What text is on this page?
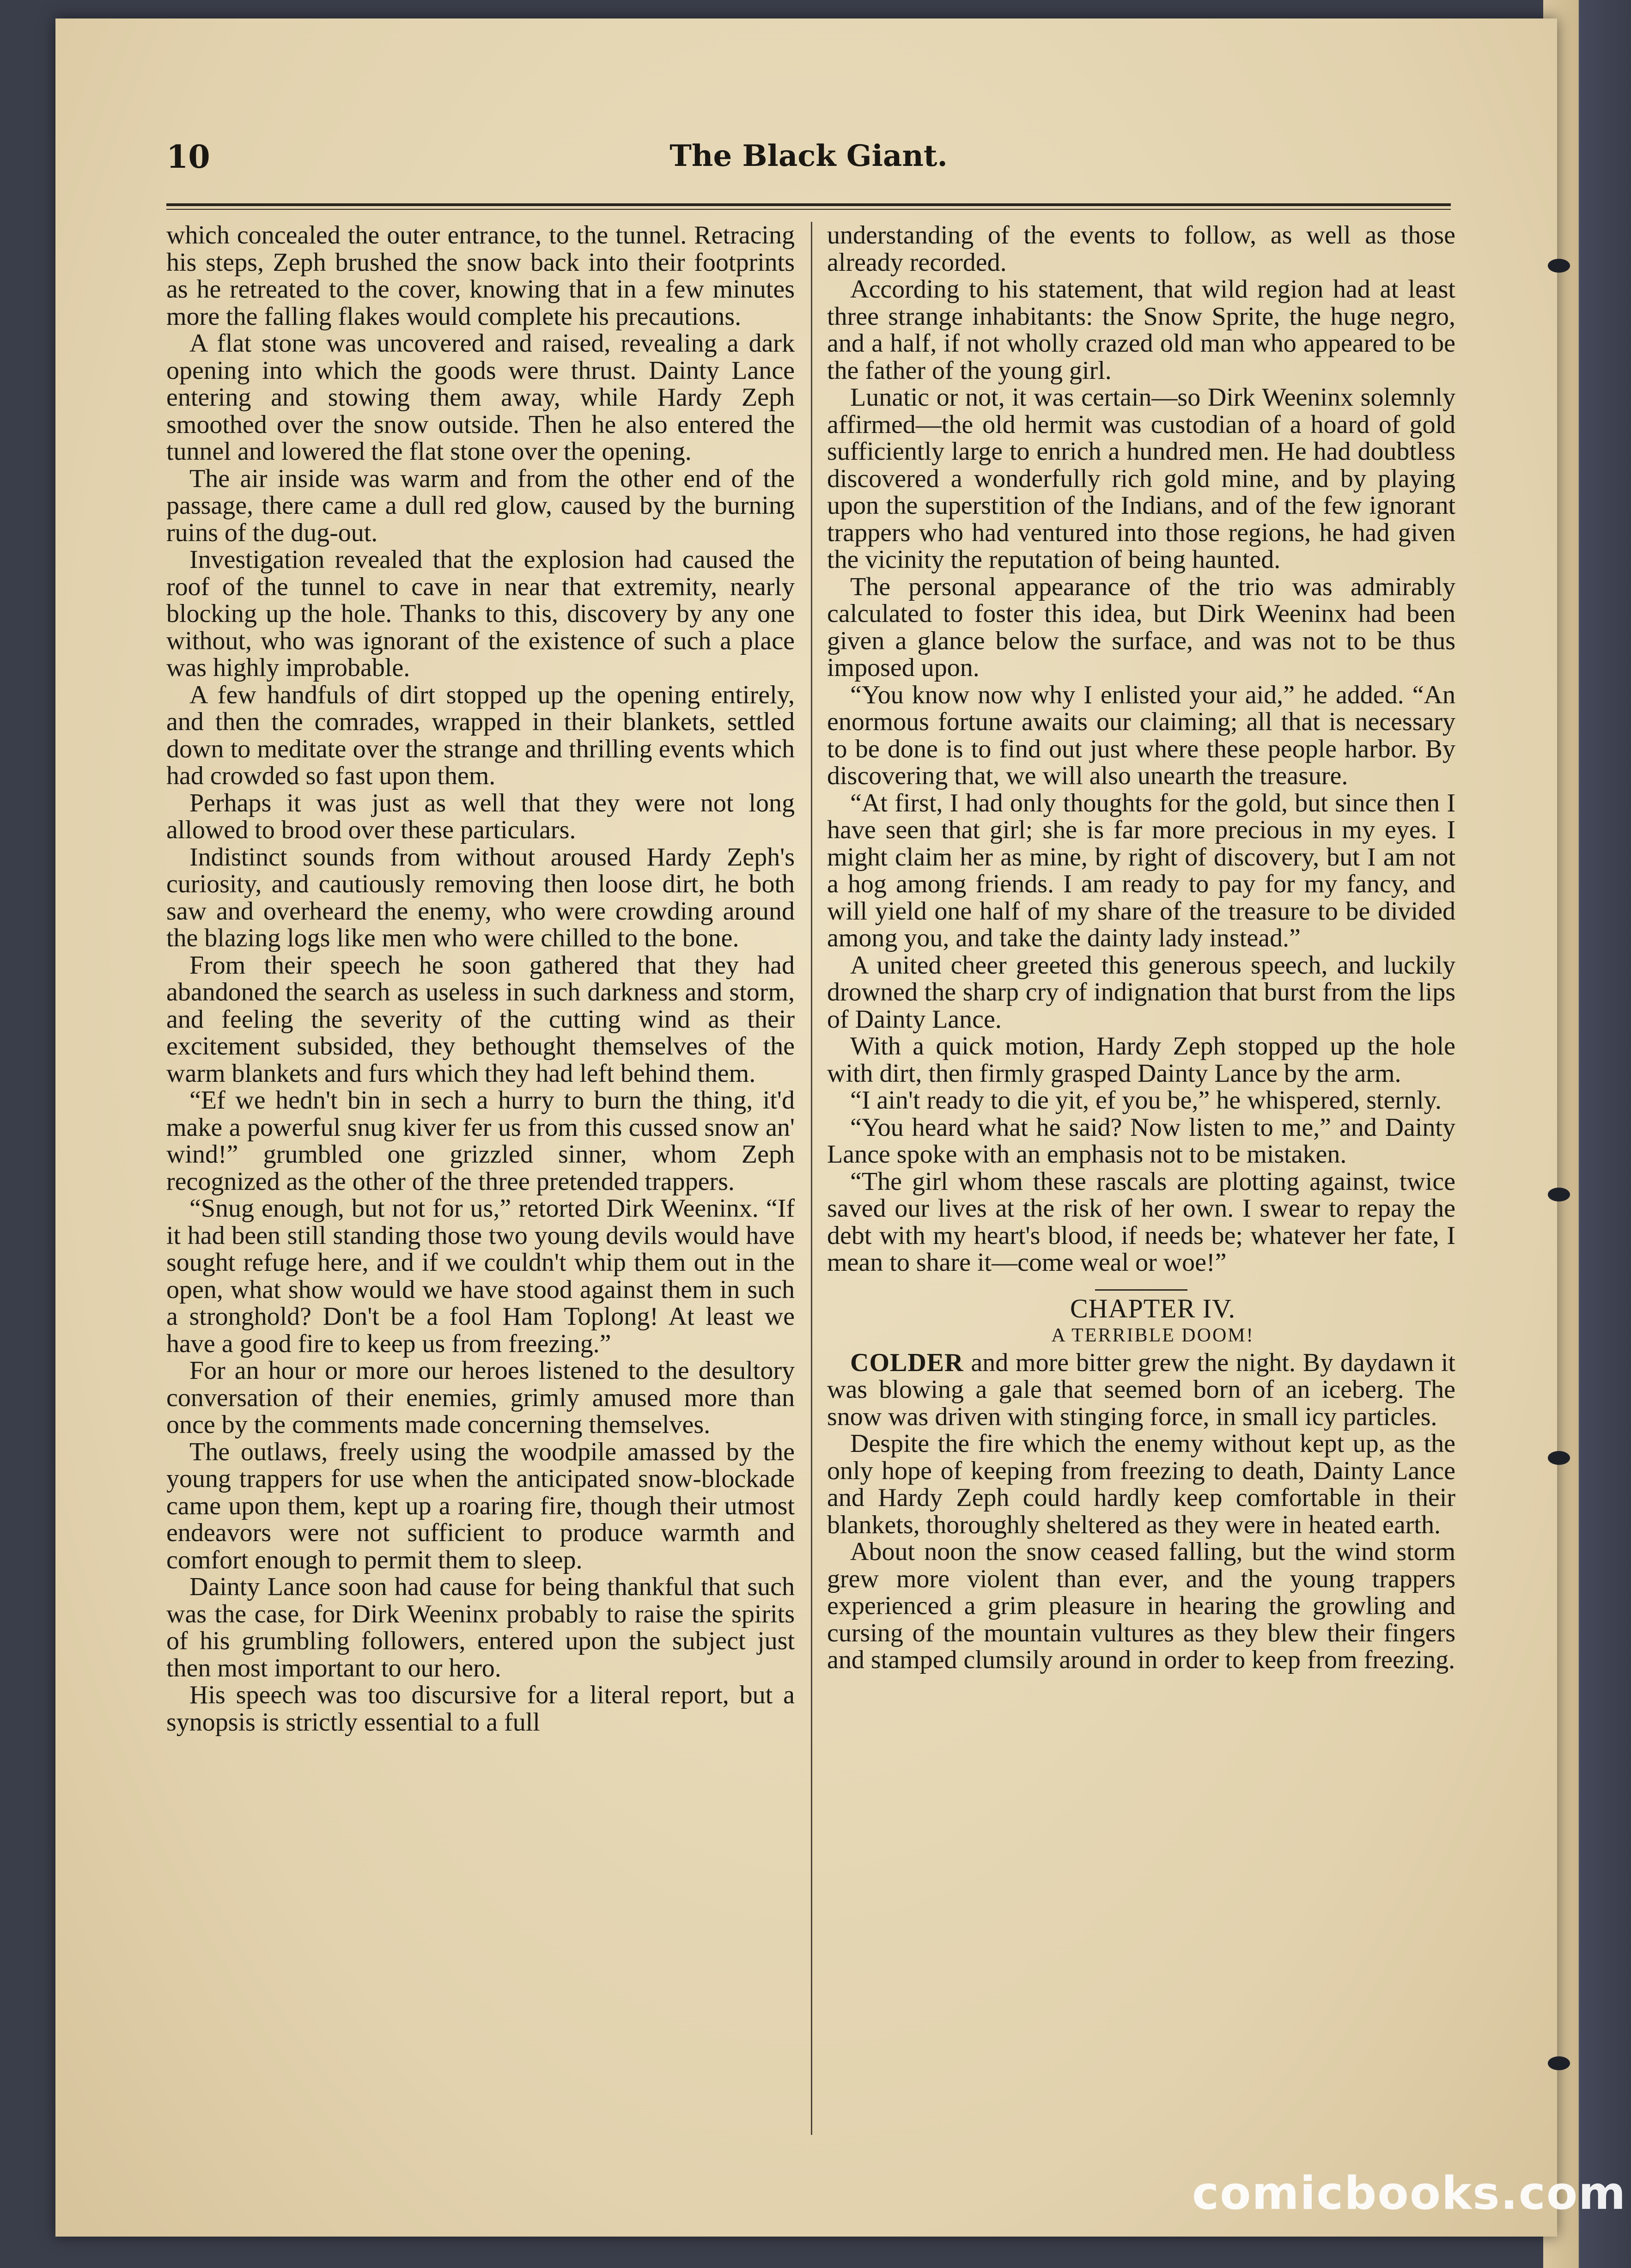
10	The Black Giant.

which concealed the outer entrance, to the tunnel. Retracing his steps, Zeph brushed the snow back into their footprints as he retreated to the cover, knowing that in a few minutes more the falling flakes would complete his precautions.

A flat stone was uncovered and raised, revealing a dark opening into which the goods were thrust. Dainty Lance entering and stowing them away, while Hardy Zeph smoothed over the snow outside. Then he also entered the tunnel and lowered the flat stone over the opening.

The air inside was warm and from the other end of the passage, there came a dull red glow, caused by the burning ruins of the dug-out.

Investigation revealed that the explosion had caused the roof of the tunnel to cave in near that extremity, nearly blocking up the hole. Thanks to this, discovery by any one without, who was ignorant of the existence of such a place was highly improbable.

A few handfuls of dirt stopped up the opening entirely, and then the comrades, wrapped in their blankets, settled down to meditate over the strange and thrilling events which had crowded so fast upon them.

Perhaps it was just as well that they were not long allowed to brood over these particulars.

Indistinct sounds from without aroused Hardy Zeph's curiosity, and cautiously removing then loose dirt, he both saw and overheard the enemy, who were crowding around the blazing logs like men who were chilled to the bone.

From their speech he soon gathered that they had abandoned the search as useless in such darkness and storm, and feeling the severity of the cutting wind as their excitement subsided, they bethought themselves of the warm blankets and furs which they had left behind them.

“Ef we hedn't bin in sech a hurry to burn the thing, it'd make a powerful snug kiver fer us from this cussed snow an' wind!” grumbled one grizzled sinner, whom Zeph recognized as the other of the three pretended trappers.

“Snug enough, but not for us,” retorted Dirk Weeninx. “If it had been still standing those two young devils would have sought refuge here, and if we couldn't whip them out in the open, what show would we have stood against them in such a stronghold? Don't be a fool Ham Toplong! At least we have a good fire to keep us from freezing.”

For an hour or more our heroes listened to the desultory conversation of their enemies, grimly amused more than once by the comments made concerning themselves.

The outlaws, freely using the woodpile amassed by the young trappers for use when the anticipated snow-blockade came upon them, kept up a roaring fire, though their utmost endeavors were not sufficient to produce warmth and comfort enough to permit them to sleep.

Dainty Lance soon had cause for being thankful that such was the case, for Dirk Weeninx probably to raise the spirits of his grumbling followers, entered upon the subject just then most important to our hero.

His speech was too discursive for a literal report, but a synopsis is strictly essential to a full

understanding of the events to follow, as well as those already recorded.

According to his statement, that wild region had at least three strange inhabitants: the Snow Sprite, the huge negro, and a half, if not wholly crazed old man who appeared to be the father of the young girl.

Lunatic or not, it was certain—so Dirk Weeninx solemnly affirmed—the old hermit was custodian of a hoard of gold sufficiently large to enrich a hundred men. He had doubtless discovered a wonderfully rich gold mine, and by playing upon the superstition of the Indians, and of the few ignorant trappers who had ventured into those regions, he had given the vicinity the reputation of being haunted.

The personal appearance of the trio was admirably calculated to foster this idea, but Dirk Weeninx had been given a glance below the surface, and was not to be thus imposed upon.

“You know now why I enlisted your aid,” he added. “An enormous fortune awaits our claiming; all that is necessary to be done is to find out just where these people harbor. By discovering that, we will also unearth the treasure.

“At first, I had only thoughts for the gold, but since then I have seen that girl; she is far more precious in my eyes. I might claim her as mine, by right of discovery, but I am not a hog among friends. I am ready to pay for my fancy, and will yield one half of my share of the treasure to be divided among you, and take the dainty lady instead.”

A united cheer greeted this generous speech, and luckily drowned the sharp cry of indignation that burst from the lips of Dainty Lance.

With a quick motion, Hardy Zeph stopped up the hole with dirt, then firmly grasped Dainty Lance by the arm.

“I ain't ready to die yit, ef you be,” he whispered, sternly.

“You heard what he said? Now listen to me,” and Dainty Lance spoke with an emphasis not to be mistaken.

“The girl whom these rascals are plotting against, twice saved our lives at the risk of her own. I swear to repay the debt with my heart's blood, if needs be; whatever her fate, I mean to share it—come weal or woe!”

CHAPTER IV.

A TERRIBLE DOOM!

COLDER and more bitter grew the night. By daydawn it was blowing a gale that seemed born of an iceberg. The snow was driven with stinging force, in small icy particles.

Despite the fire which the enemy without kept up, as the only hope of keeping from freezing to death, Dainty Lance and Hardy Zeph could hardly keep comfortable in their blankets, thoroughly sheltered as they were in heated earth.

About noon the snow ceased falling, but the wind storm grew more violent than ever, and the young trappers experienced a grim pleasure in hearing the growling and cursing of the mountain vultures as they blew their fingers and stamped clumsily around in order to keep from freezing.

comicbooks.com
